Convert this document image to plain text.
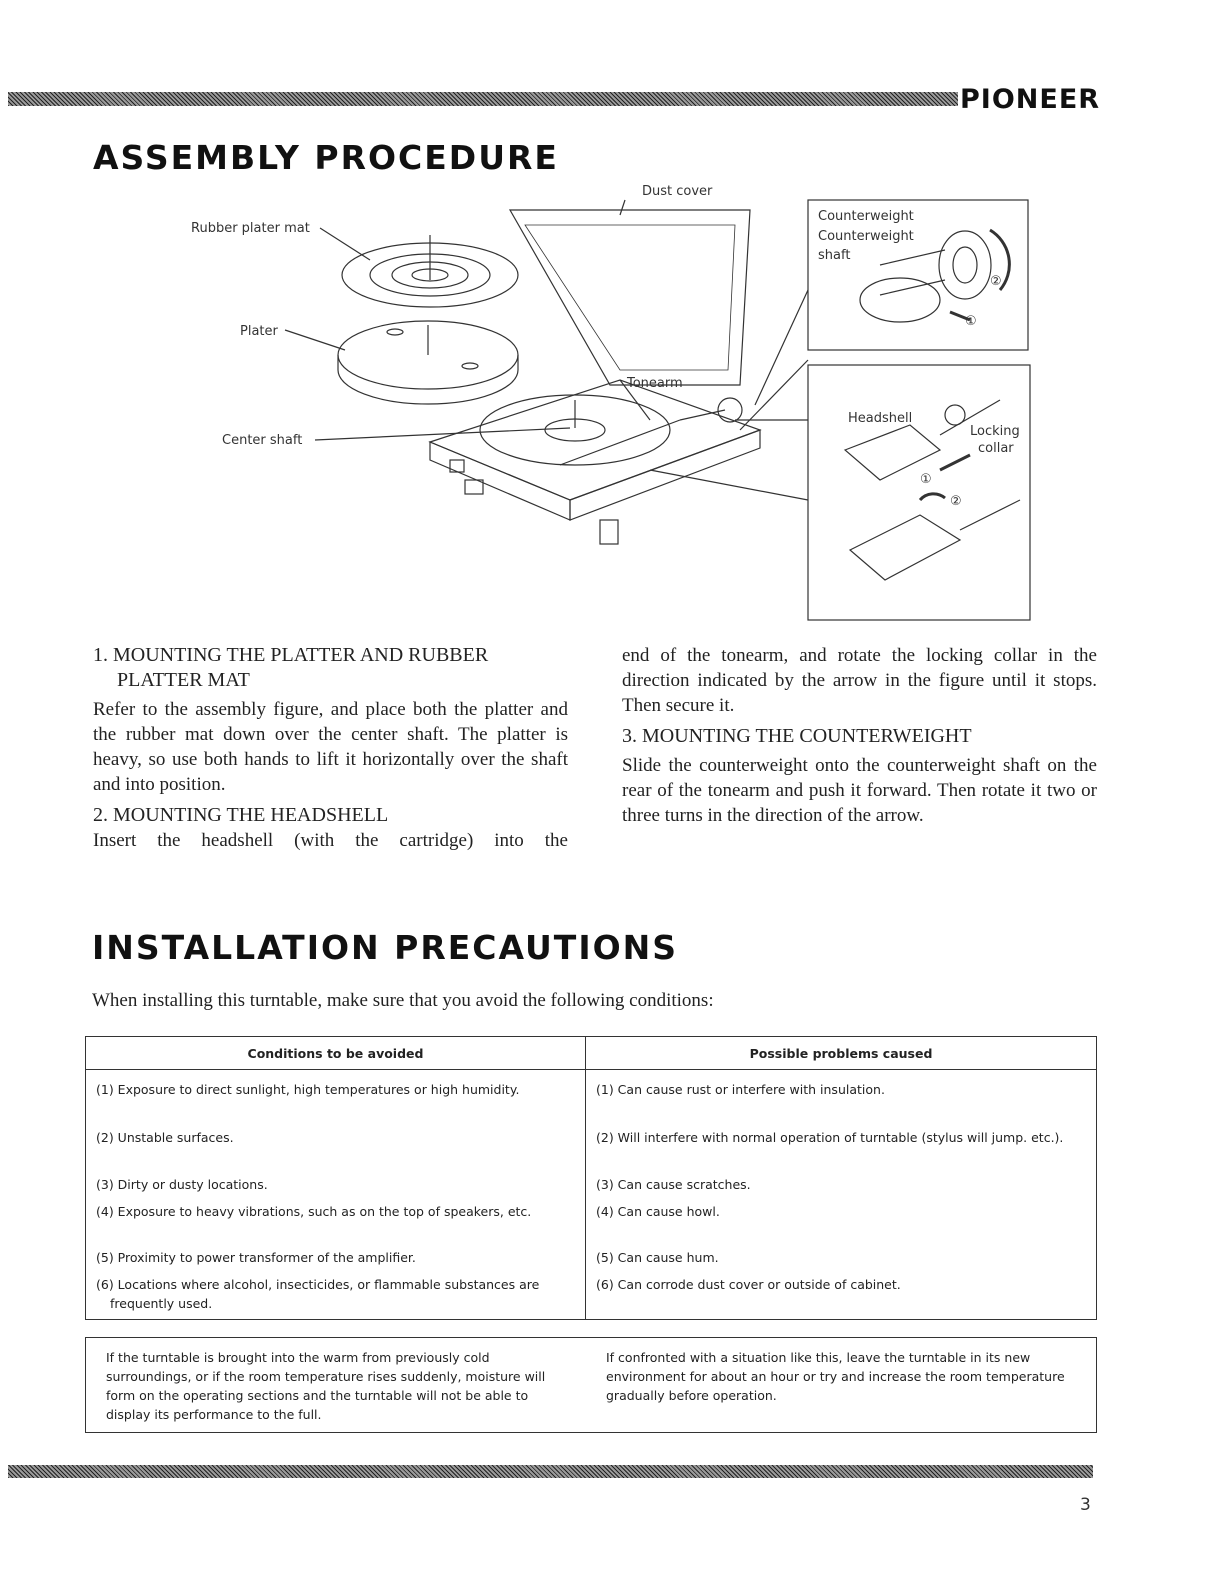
PIONEER
ASSEMBLY PROCEDURE
Dust cover
Rubber plater mat
Plater
Center shaft
Tonearm
Counterweight
Counterweight
shaft
②
①
Headshell
Locking
collar
①
②
1. MOUNTING THE PLATTER AND RUBBER
PLATTER MAT
Refer to the assembly figure, and place both the platter and the rubber mat down over the center shaft. The platter is heavy, so use both hands to lift it horizontally over the shaft and into position.
2. MOUNTING THE HEADSHELL
Insert the headshell (with the cartridge) into the
end of the tonearm, and rotate the locking collar in the direction indicated by the arrow in the figure until it stops. Then secure it.
3. MOUNTING THE COUNTERWEIGHT
Slide the counterweight onto the counterweight shaft on the rear of the tonearm and push it forward. Then rotate it two or three turns in the direction of the arrow.
INSTALLATION PRECAUTIONS
When installing this turntable, make sure that you avoid the following conditions:
Conditions to be avoided	Possible problems caused

(1) Exposure to direct sunlight, high temperatures or high humidity.	(1) Can cause rust or interfere with insulation.

(2) Unstable surfaces.	(2) Will interfere with normal operation of turntable (stylus will jump. etc.).

(3) Dirty or dusty locations.	(3) Can cause scratches.

(4) Exposure to heavy vibrations, such as on the top of speakers, etc.	(4) Can cause howl.

(5) Proximity to power transformer of the amplifier.	(5) Can cause hum.

(6) Locations where alcohol, insecticides, or flammable substances are frequently used.	(6) Can corrode dust cover or outside of cabinet.
If the turntable is brought into the warm from previously cold surroundings, or if the room temperature rises suddenly, moisture will form on the operating sections and the turntable will not be able to display its performance to the full.
If confronted with a situation like this, leave the turntable in its new environment for about an hour or try and increase the room temperature gradually before operation.
3
